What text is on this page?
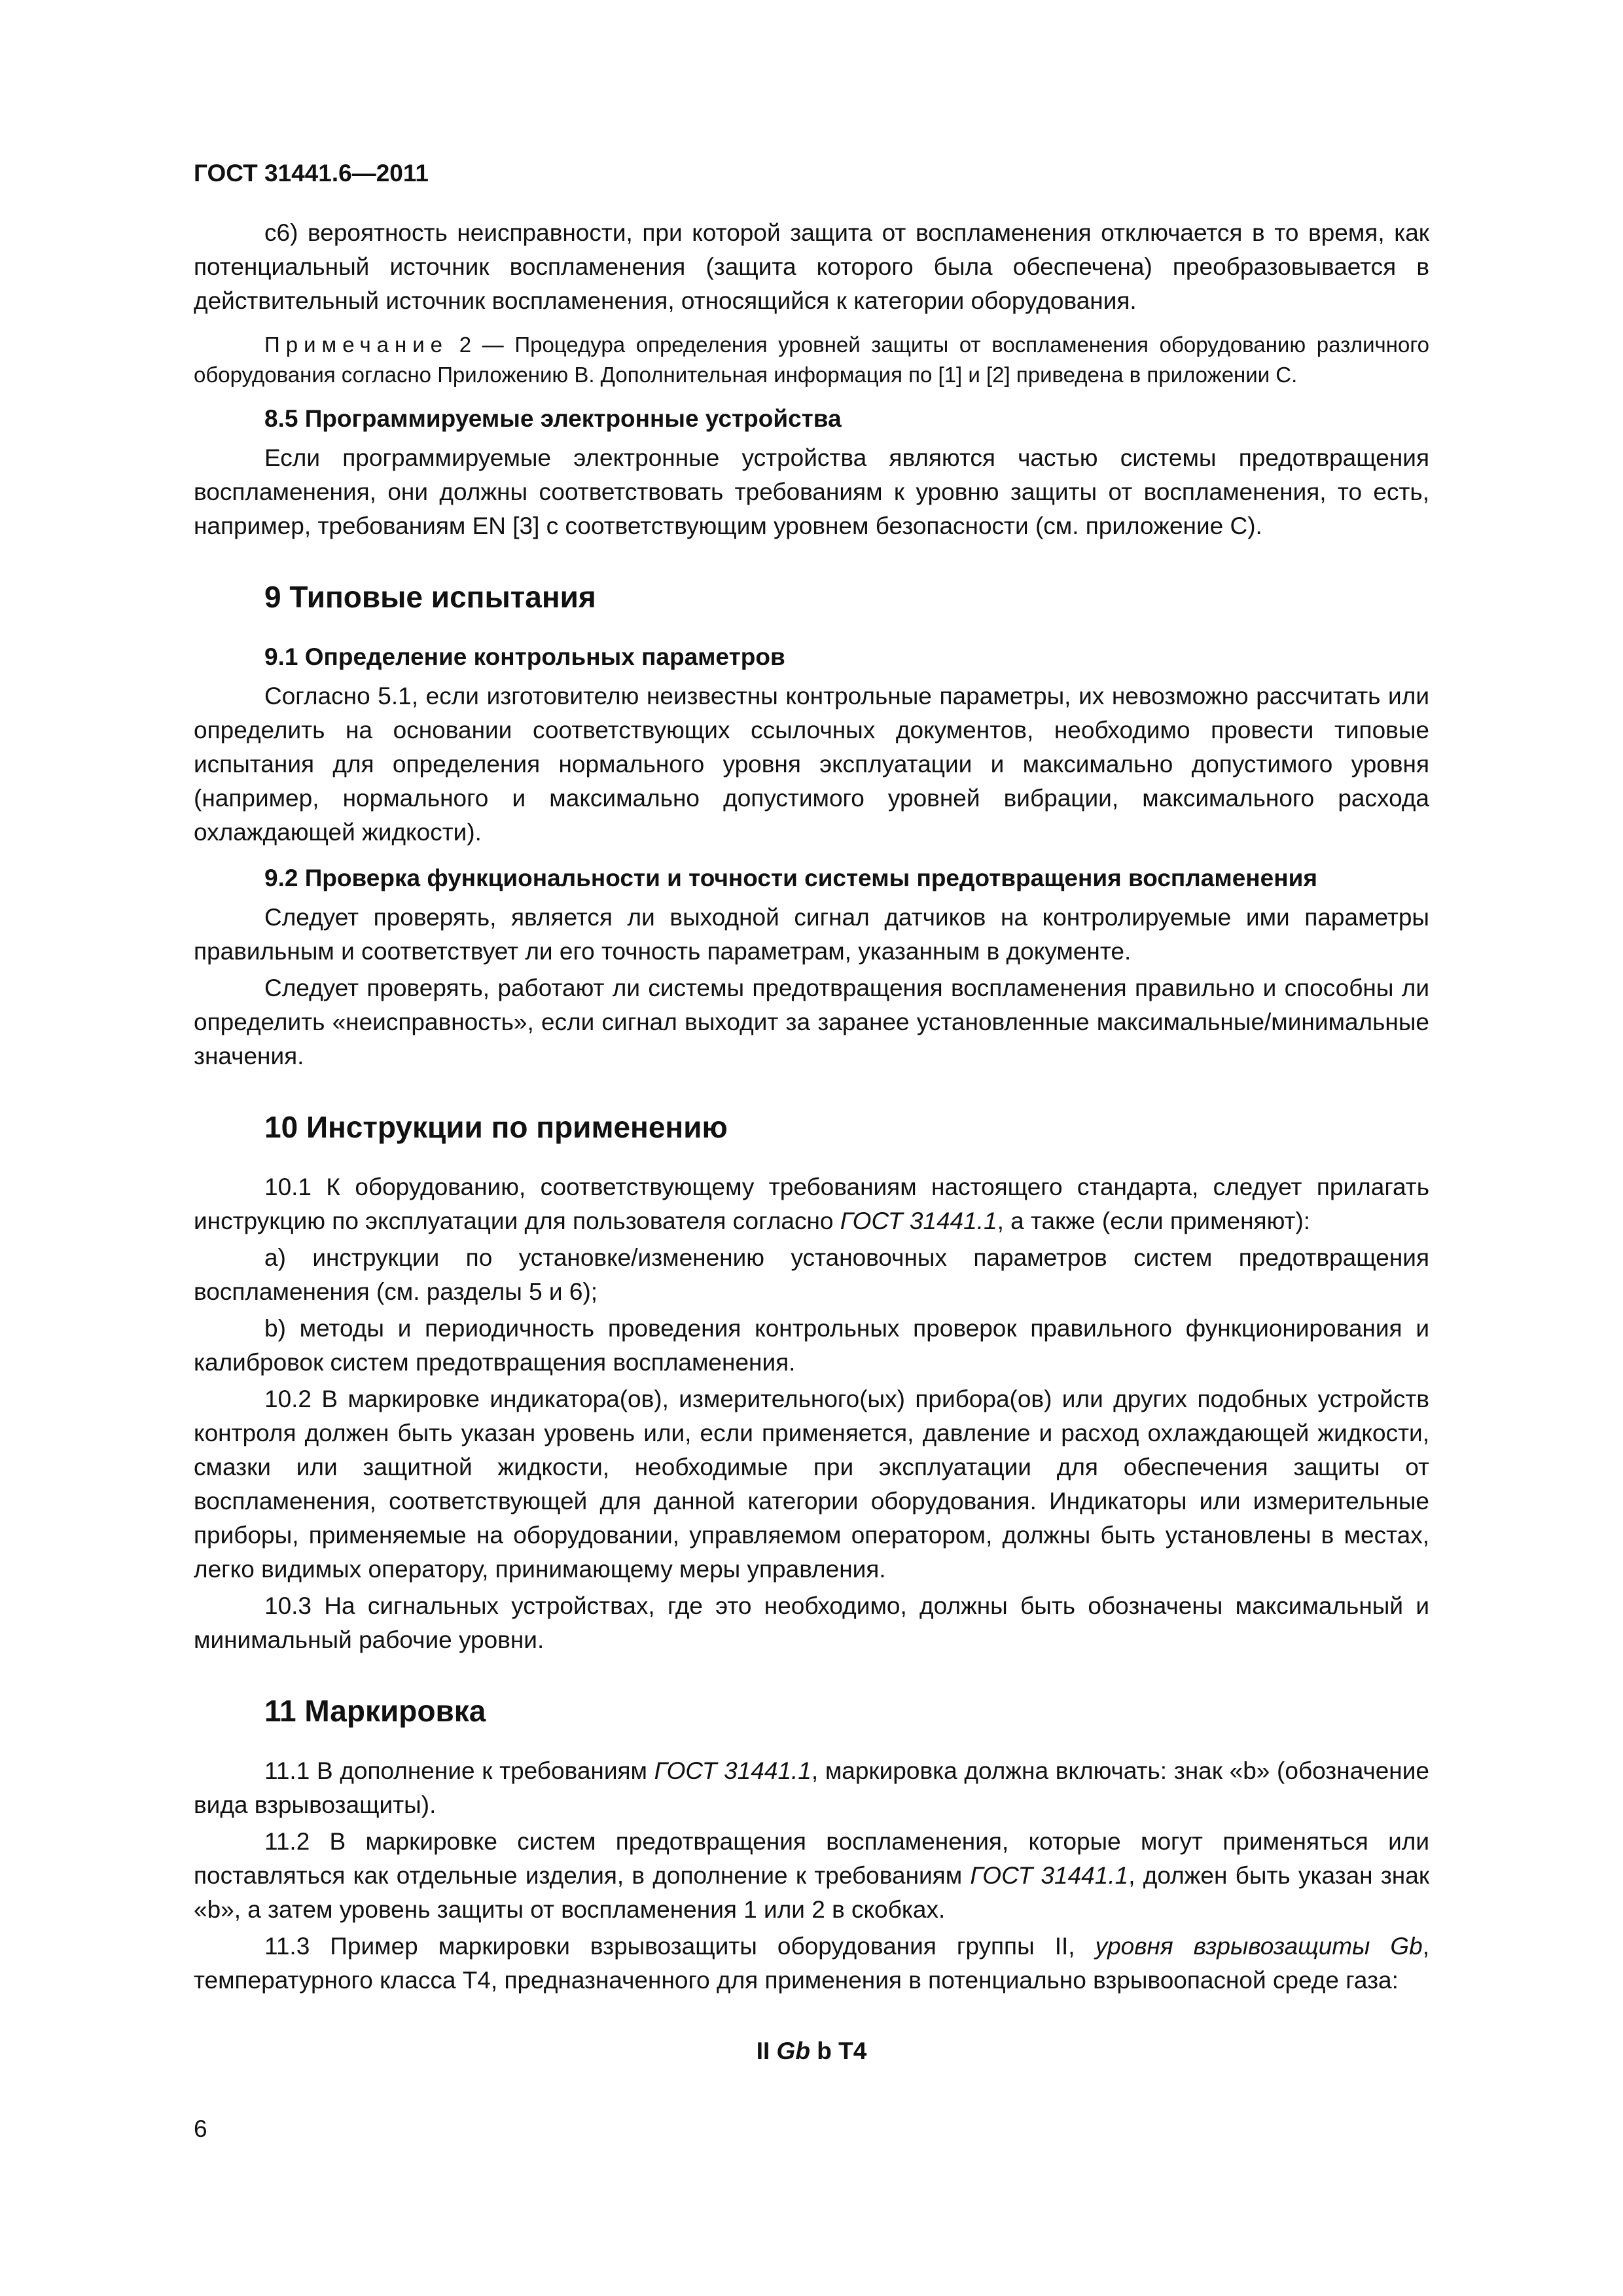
ГОСТ 31441.6—2011

c6) вероятность неисправности, при которой защита от воспламенения отключается в то время, как потенциальный источник воспламенения (защита которого была обеспечена) преобразовывается в действительный источник воспламенения, относящийся к категории оборудования.

Примечание 2 — Процедура определения уровней защиты от воспламенения оборудованию различного оборудования согласно Приложению В. Дополнительная информация по [1] и [2] приведена в приложении С.

8.5 Программируемые электронные устройства

Если программируемые электронные устройства являются частью системы предотвращения воспламенения, они должны соответствовать требованиям к уровню защиты от воспламенения, то есть, например, требованиям EN [3] с соответствующим уровнем безопасности (см. приложение С).

9 Типовые испытания
9.1 Определение контрольных параметров

Согласно 5.1, если изготовителю неизвестны контрольные параметры, их невозможно рассчитать или определить на основании соответствующих ссылочных документов, необходимо провести типовые испытания для определения нормального уровня эксплуатации и максимально допустимого уровня (например, нормального и максимально допустимого уровней вибрации, максимального расхода охлаждающей жидкости).

9.2 Проверка функциональности и точности системы предотвращения воспламенения

Следует проверять, является ли выходной сигнал датчиков на контролируемые ими параметры правильным и соответствует ли его точность параметрам, указанным в документе.

Следует проверять, работают ли системы предотвращения воспламенения правильно и способны ли определить «неисправность», если сигнал выходит за заранее установленные максимальные/минимальные значения.

10 Инструкции по применению

10.1 К оборудованию, соответствующему требованиям настоящего стандарта, следует прилагать инструкцию по эксплуатации для пользователя согласно ГОСТ 31441.1, а также (если применяют):

а) инструкции по установке/изменению установочных параметров систем предотвращения воспламенения (см. разделы 5 и 6);

b) методы и периодичность проведения контрольных проверок правильного функционирования и калибровок систем предотвращения воспламенения.

10.2 В маркировке индикатора(ов), измерительного(ых) прибора(ов) или других подобных устройств контроля должен быть указан уровень или, если применяется, давление и расход охлаждающей жидкости, смазки или защитной жидкости, необходимые при эксплуатации для обеспечения защиты от воспламенения, соответствующей для данной категории оборудования. Индикаторы или измерительные приборы, применяемые на оборудовании, управляемом оператором, должны быть установлены в местах, легко видимых оператору, принимающему меры управления.

10.3 На сигнальных устройствах, где это необходимо, должны быть обозначены максимальный и минимальный рабочие уровни.

11 Маркировка

11.1 В дополнение к требованиям ГОСТ 31441.1, маркировка должна включать: знак «b» (обозначение вида взрывозащиты).

11.2 В маркировке систем предотвращения воспламенения, которые могут применяться или поставляться как отдельные изделия, в дополнение к требованиям ГОСТ 31441.1, должен быть указан знак «b», а затем уровень защиты от воспламенения 1 или 2 в скобках.

11.3 Пример маркировки взрывозащиты оборудования группы II, уровня взрывозащиты Gb, температурного класса Т4, предназначенного для применения в потенциально взрывоопасной среде газа:

II Gb b T4

6
